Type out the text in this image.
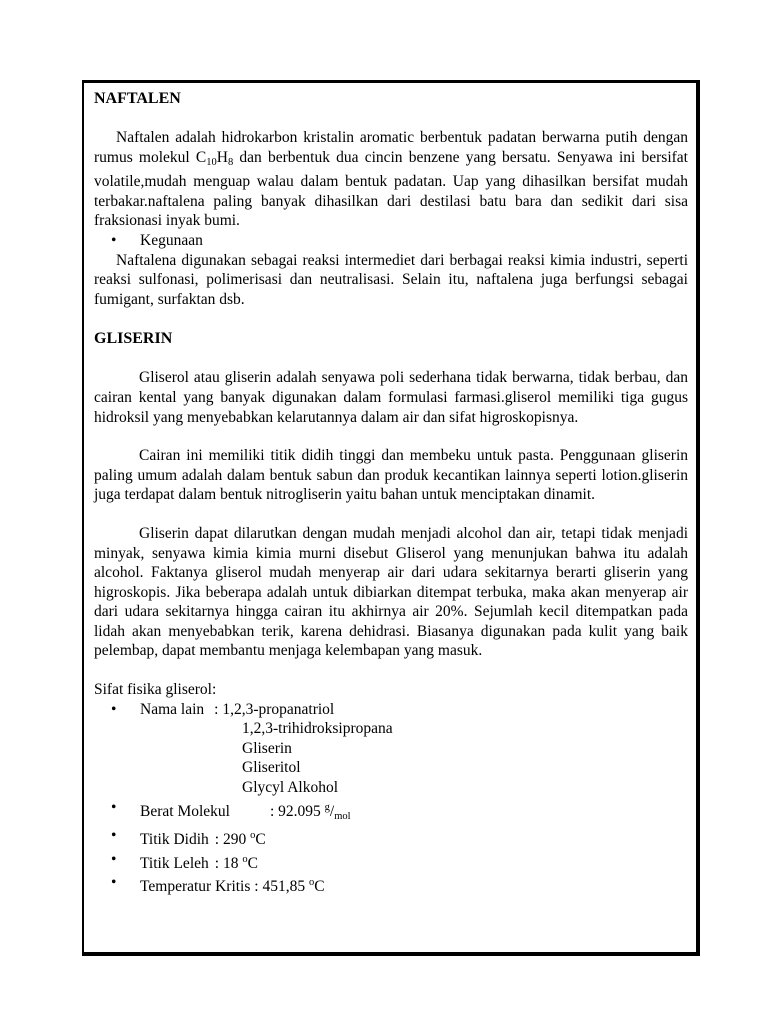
NAFTALEN

Naftalen adalah hidrokarbon kristalin aromatic berbentuk padatan berwarna putih dengan rumus molekul $C_{10}H_8$ dan berbentuk dua cincin benzene yang bersatu. Senyawa ini bersifat volatile,mudah menguap walau dalam bentuk padatan. Uap yang dihasilkan bersifat mudah terbakar.naftalena paling banyak dihasilkan dari destilasi batu bara dan sedikit dari sisa fraksionasi inyak bumi.

• Kegunaan

Naftalena digunakan sebagai reaksi intermediet dari berbagai reaksi kimia industri, seperti reaksi sulfonasi, polimerisasi dan neutralisasi. Selain itu, naftalena juga berfungsi sebagai fumigant, surfaktan dsb.

GLISERIN

Gliserol atau gliserin adalah senyawa poli sederhana tidak berwarna, tidak berbau, dan cairan kental yang banyak digunakan dalam formulasi farmasi.gliserol memiliki tiga gugus hidroksil yang menyebabkan kelarutannya dalam air dan sifat higroskopisnya.

Cairan ini memiliki titik didih tinggi dan membeku untuk pasta. Penggunaan gliserin paling umum adalah dalam bentuk sabun dan produk kecantikan lainnya seperti lotion.gliserin juga terdapat dalam bentuk nitrogliserin yaitu bahan untuk menciptakan dinamit.

Gliserin dapat dilarutkan dengan mudah menjadi alcohol dan air, tetapi tidak menjadi minyak, senyawa kimia kimia murni disebut Gliserol yang menunjukan bahwa itu adalah alcohol. Faktanya gliserol mudah menyerap air dari udara sekitarnya berarti gliserin yang higroskopis. Jika beberapa adalah untuk dibiarkan ditempat terbuka, maka akan menyerap air dari udara sekitarnya hingga cairan itu akhirnya air 20%. Sejumlah kecil ditempatkan pada lidah akan menyebabkan terik, karena dehidrasi. Biasanya digunakan pada kulit yang baik pelembap, dapat membantu menjaga kelembapan yang masuk.

Sifat fisika gliserol:

• Nama lain : 1,2,3-propanatriol
1,2,3-trihidroksipropana
Gliserin
Gliseritol
Glycyl Alkohol
• Berat Molekul	: 92.095 $^g/_{mol}$
• Titik Didih : 290 $^o$C
• Titik Leleh : 18 $^o$C
• Temperatur Kritis : 451,85 $^o$C
